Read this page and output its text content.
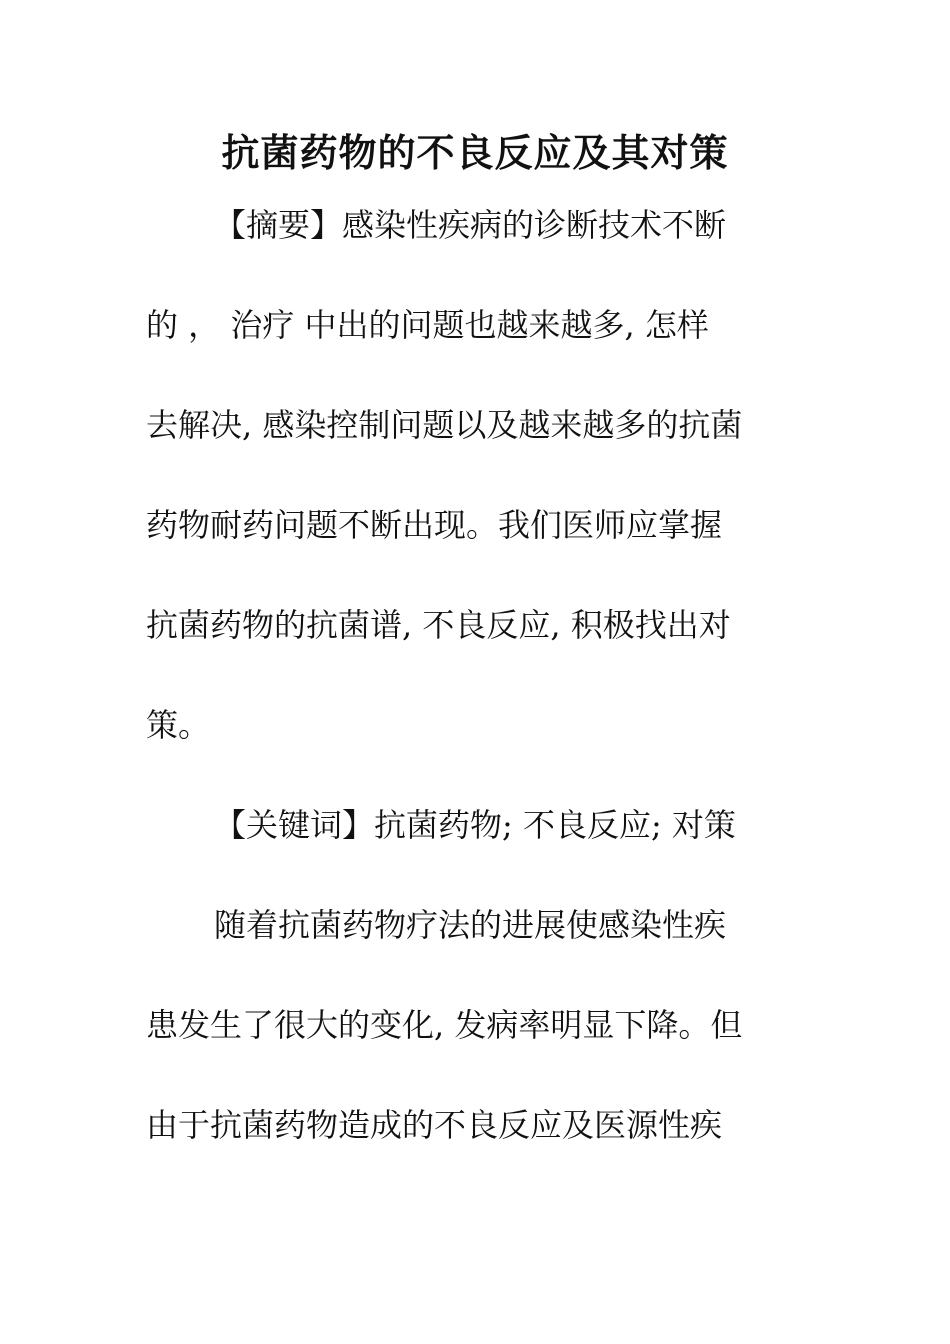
抗菌药物的不良反应及其对策
【摘要】感染性疾病的诊断技术不断
的 ， 治疗 中出的问题也越来越多, 怎样
去解决, 感染控制问题以及越来越多的抗菌
药物耐药问题不断出现。我们医师应掌握
抗菌药物的抗菌谱, 不良反应, 积极找出对
策。
【关键词】抗菌药物; 不良反应; 对策
随着抗菌药物疗法的进展使感染性疾
患发生了很大的变化, 发病率明显下降。但
由于抗菌药物造成的不良反应及医源性疾
